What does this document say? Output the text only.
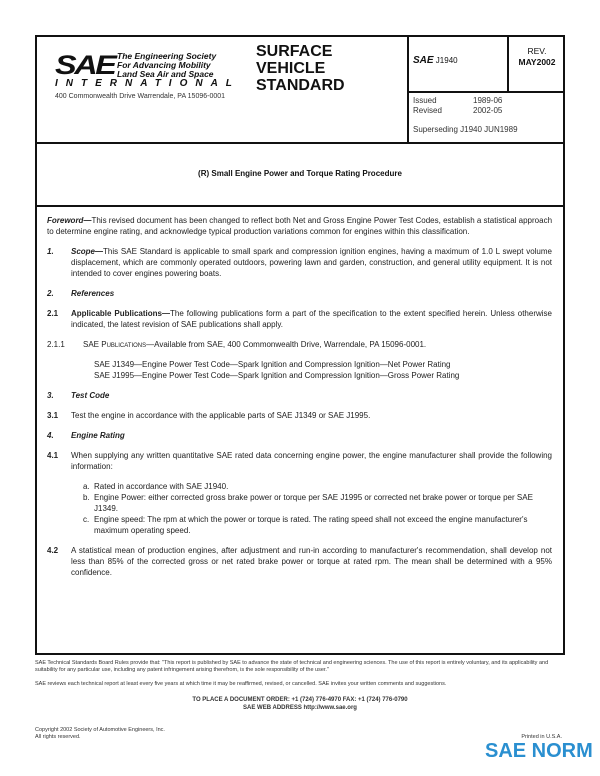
SAE The Engineering Society
For Advancing Mobility
Land Sea Air and Space
INTERNATIONAL
400 Commonwealth Drive Warrendale, PA 15096-0001
SURFACE
VEHICLE
STANDARD
SAE J1940
REV.
MAY2002
Issued	1989-06
Revised	2002-05
Superseding J1940 JUN1989
(R) Small Engine Power and Torque Rating Procedure

Foreword—This revised document has been changed to reflect both Net and Gross Engine Power Test Codes, establish a statistical approach to determine engine rating, and acknowledge typical production variations common for engines within this classification.

1. Scope—This SAE Standard is applicable to small spark and compression ignition engines, having a maximum of 1.0 L swept volume displacement, which are commonly operated outdoors, powering lawn and garden, construction, and general utility equipment. It is not intended to cover engines powering boats.

2. References

2.1 Applicable Publications—The following publications form a part of the specification to the extent specified herein. Unless otherwise indicated, the latest revision of SAE publications shall apply.

2.1.1 SAE Publications—Available from SAE, 400 Commonwealth Drive, Warrendale, PA 15096-0001.

SAE J1349—Engine Power Test Code—Spark Ignition and Compression Ignition—Net Power Rating
SAE J1995—Engine Power Test Code—Spark Ignition and Compression Ignition—Gross Power Rating

3. Test Code

3.1 Test the engine in accordance with the applicable parts of SAE J1349 or SAE J1995.

4. Engine Rating

4.1 When supplying any written quantitative SAE rated data concerning engine power, the engine manufacturer shall provide the following information:

a. Rated in accordance with SAE J1940.

b. Engine Power: either corrected gross brake power or torque per SAE J1995 or corrected net brake power or torque per SAE J1349.

c. Engine speed: The rpm at which the power or torque is rated. The rating speed shall not exceed the engine manufacturer's maximum operating speed.

4.2 A statistical mean of production engines, after adjustment and run-in according to manufacturer's recommendation, shall develop not less than 85% of the corrected gross or net rated brake power or torque at rated rpm. The mean shall be determined with a 95% confidence.

SAE Technical Standards Board Rules provide that: "This report is published by SAE to advance the state of technical and engineering sciences. The use of this report is entirely voluntary, and its applicability and suitability for any particular use, including any patent infringement arising therefrom, is the sole responsibility of the user."
SAE reviews each technical report at least every five years at which time it may be reaffirmed, revised, or cancelled. SAE invites your written comments and suggestions.
TO PLACE A DOCUMENT ORDER: +1 (724) 776-4970 FAX: +1 (724) 776-0790
SAE WEB ADDRESS http://www.sae.org
Copyright 2002 Society of Automotive Engineers, Inc.
All rights reserved.	Printed in U.S.A.
SAE NORM
